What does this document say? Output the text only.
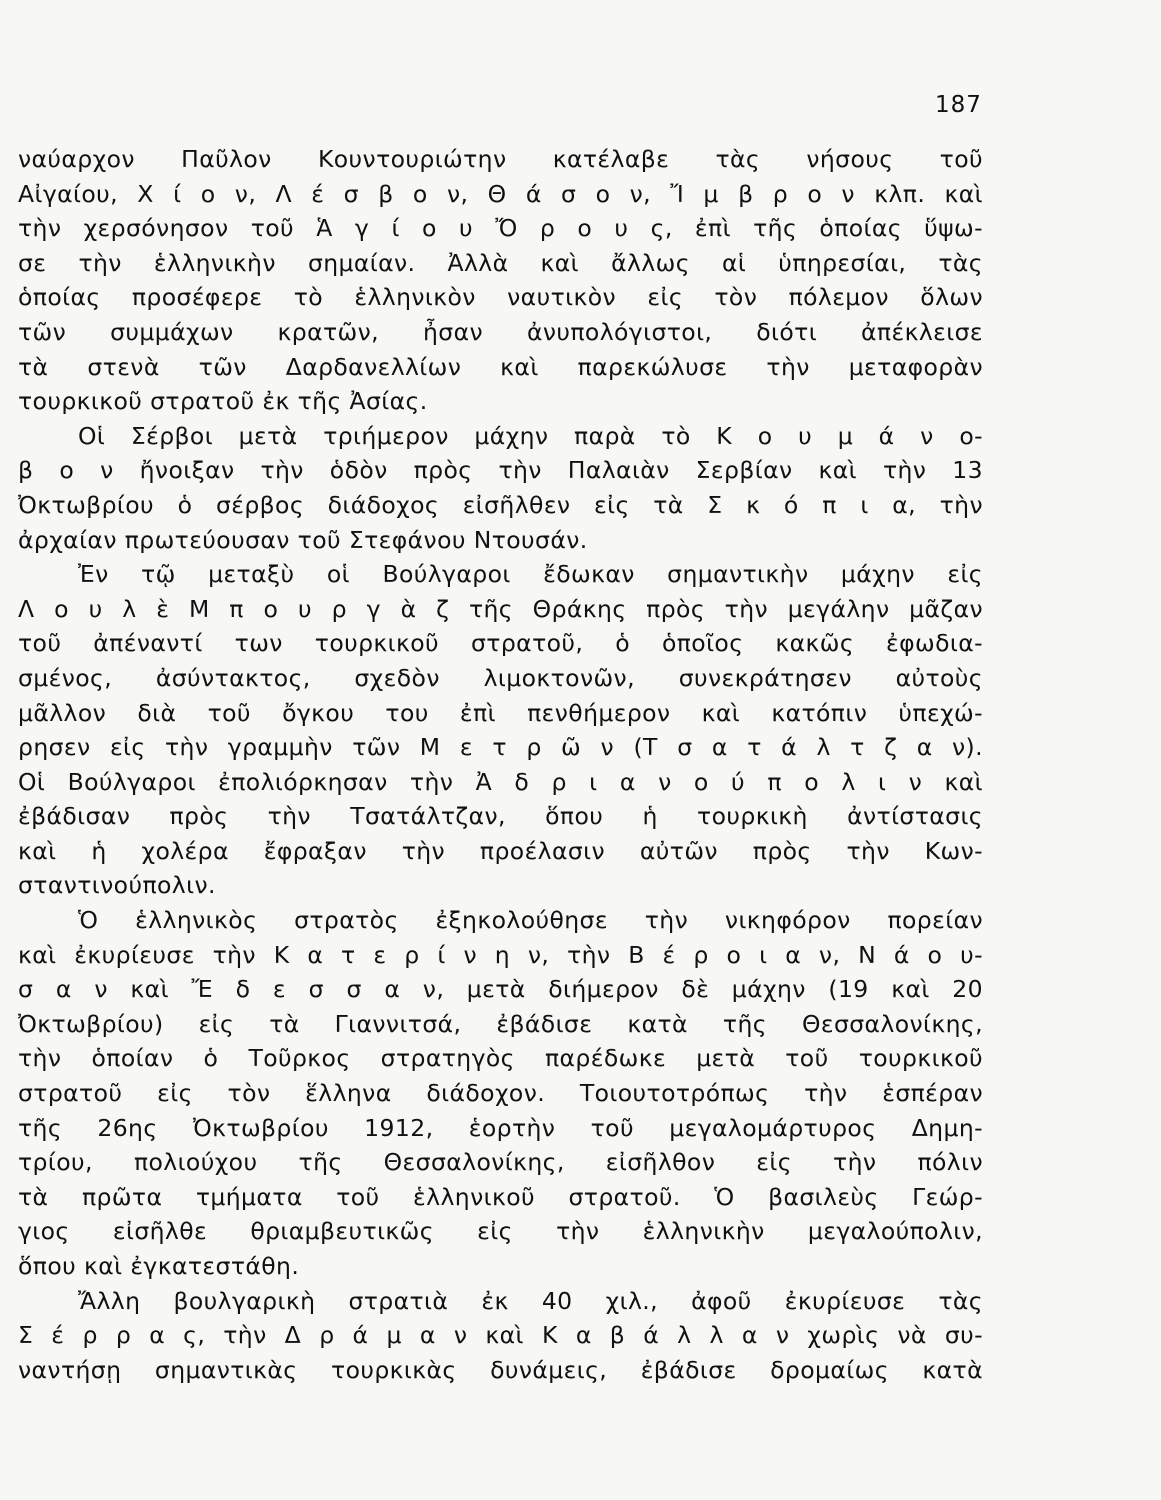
187
ναύαρχον Παῦλον Κουντουριώτην κατέλαβε τὰς νήσους τοῦ
Αἰγαίου, Χ ί ο ν, Λ έ σ β ο ν, Θ ά σ ο ν, Ἴ μ β ρ ο ν κλπ. καὶ
τὴν χερσόνησον τοῦ Ἁ γ ί ο υ Ὄ ρ ο υ ς, ἐπὶ τῆς ὁποίας ὕψω-
σε τὴν ἑλληνικὴν σημαίαν. Ἀλλὰ καὶ ἄλλως αἱ ὑπηρεσίαι, τὰς
ὁποίας προσέφερε τὸ ἑλληνικὸν ναυτικὸν εἰς τὸν πόλεμον ὅλων
τῶν συμμάχων κρατῶν, ἦσαν ἀνυπολόγιστοι, διότι ἀπέκλεισε
τὰ στενὰ τῶν Δαρδανελλίων καὶ παρεκώλυσε τὴν μεταφορὰν
τουρκικοῦ στρατοῦ ἐκ τῆς Ἀσίας.
Οἱ Σέρβοι μετὰ τριήμερον μάχην παρὰ τὸ Κ ο υ μ ά ν ο-
β ο ν ἤνοιξαν τὴν ὁδὸν πρὸς τὴν Παλαιὰν Σερβίαν καὶ τὴν 13
Ὀκτωβρίου ὁ σέρβος διάδοχος εἰσῆλθεν εἰς τὰ Σ κ ό π ι α, τὴν
ἀρχαίαν πρωτεύουσαν τοῦ Στεφάνου Ντουσάν.
Ἐν τῷ μεταξὺ οἱ Βούλγαροι ἔδωκαν σημαντικὴν μάχην εἰς
Λ ο υ λ ὲ Μ π ο υ ρ γ ὰ ζ τῆς Θράκης πρὸς τὴν μεγάλην μᾶζαν
τοῦ ἀπέναντί των τουρκικοῦ στρατοῦ, ὁ ὁποῖος κακῶς ἐφωδια-
σμένος, ἀσύντακτος, σχεδὸν λιμοκτονῶν, συνεκράτησεν αὐτοὺς
μᾶλλον διὰ τοῦ ὄγκου του ἐπὶ πενθήμερον καὶ κατόπιν ὑπεχώ-
ρησεν εἰς τὴν γραμμὴν τῶν Μ ε τ ρ ῶ ν (Τ σ α τ ά λ τ ζ α ν).
Οἱ Βούλγαροι ἐπολιόρκησαν τὴν Ἀ δ ρ ι α ν ο ύ π ο λ ι ν καὶ
ἐβάδισαν πρὸς τὴν Τσατάλτζαν, ὅπου ἡ τουρκικὴ ἀντίστασις
καὶ ἡ χολέρα ἔφραξαν τὴν προέλασιν αὐτῶν πρὸς τὴν Κων-
σταντινούπολιν.
Ὁ ἑλληνικὸς στρατὸς ἐξηκολούθησε τὴν νικηφόρον πορείαν
καὶ ἐκυρίευσε τὴν Κ α τ ε ρ ί ν η ν, τὴν Β έ ρ ο ι α ν, Ν ά ο υ-
σ α ν καὶ Ἔ δ ε σ σ α ν, μετὰ διήμερον δὲ μάχην (19 καὶ 20
Ὀκτωβρίου) εἰς τὰ Γιαννιτσά, ἐβάδισε κατὰ τῆς Θεσσαλονίκης,
τὴν ὁποίαν ὁ Τοῦρκος στρατηγὸς παρέδωκε μετὰ τοῦ τουρκικοῦ
στρατοῦ εἰς τὸν ἕλληνα διάδοχον. Τοιουτοτρόπως τὴν ἑσπέραν
τῆς 26ης Ὀκτωβρίου 1912, ἑορτὴν τοῦ μεγαλομάρτυρος Δημη-
τρίου, πολιούχου τῆς Θεσσαλονίκης, εἰσῆλθον εἰς τὴν πόλιν
τὰ πρῶτα τμήματα τοῦ ἑλληνικοῦ στρατοῦ. Ὁ βασιλεὺς Γεώρ-
γιος εἰσῆλθε θριαμβευτικῶς εἰς τὴν ἑλληνικὴν μεγαλούπολιν,
ὅπου καὶ ἐγκατεστάθη.
Ἄλλη βουλγαρικὴ στρατιὰ ἐκ 40 χιλ., ἀφοῦ ἐκυρίευσε τὰς
Σ έ ρ ρ α ς, τὴν Δ ρ ά μ α ν καὶ Κ α β ά λ λ α ν χωρὶς νὰ συ-
ναντήσῃ σημαντικὰς τουρκικὰς δυνάμεις, ἐβάδισε δρομαίως κατὰ
